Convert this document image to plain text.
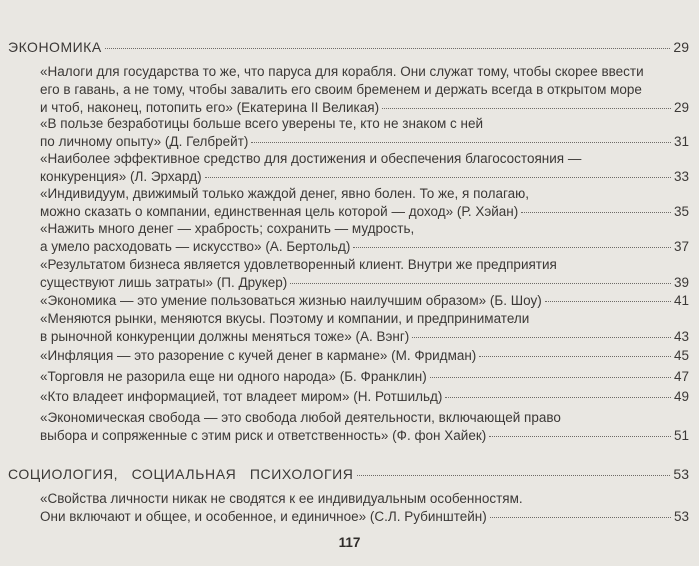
ЭКОНОМИКА	29
«Налоги для государства то же, что паруса для корабля. Они служат тому, чтобы скорее ввести
его в гавань, а не тому, чтобы завалить его своим бременем и держать всегда в открытом море
и чтоб, наконец, потопить его» (Екатерина II Великая)	29
«В пользе безработицы больше всего уверены те, кто не знаком с ней
по личному опыту» (Д. Гелбрейт)	31
«Наиболее эффективное средство для достижения и обеспечения благосостояния —
конкуренция» (Л. Эрхард)	33
«Индивидуум, движимый только жаждой денег, явно болен. То же, я полагаю,
можно сказать о компании, единственная цель которой — доход» (Р. Хэйан)	35
«Нажить много денег — храбрость; сохранить — мудрость,
а умело расходовать — искусство» (А. Бертольд)	37
«Результатом бизнеса является удовлетворенный клиент. Внутри же предприятия
существуют лишь затраты» (П. Друкер)	39
«Экономика — это умение пользоваться жизнью наилучшим образом» (Б. Шоу)	41
«Меняются рынки, меняются вкусы. Поэтому и компании, и предприниматели
в рыночной конкуренции должны меняться тоже» (А. Вэнг)	43
«Инфляция — это разорение с кучей денег в кармане» (М. Фридман)	45
«Торговля не разорила еще ни одного народа» (Б. Франклин)	47
«Кто владеет информацией, тот владеет миром» (Н. Ротшильд)	49
«Экономическая свобода — это свобода любой деятельности, включающей право
выбора и сопряженные с этим риск и ответственность» (Ф. фон Хайек)	51
СОЦИОЛОГИЯ, СОЦИАЛЬНАЯ ПСИХОЛОГИЯ	53
«Свойства личности никак не сводятся к ее индивидуальным особенностям.
Они включают и общее, и особенное, и единичное» (С.Л. Рубинштейн)	53
117
